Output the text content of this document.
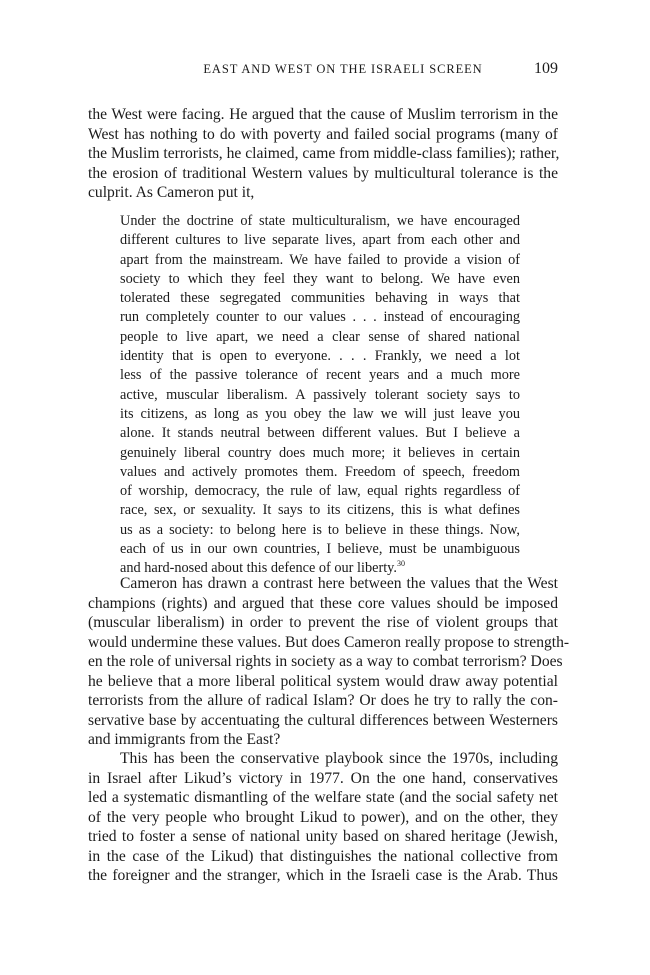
EAST AND WEST ON THE ISRAELI SCREEN	109
the West were facing. He argued that the cause of Muslim terrorism in the
West has nothing to do with poverty and failed social programs (many of
the Muslim terrorists, he claimed, came from middle-class families); rather,
the erosion of traditional Western values by multicultural tolerance is the
culprit. As Cameron put it,
Under the doctrine of state multiculturalism, we have encouraged
different cultures to live separate lives, apart from each other and
apart from the mainstream. We have failed to provide a vision of
society to which they feel they want to belong. We have even
tolerated these segregated communities behaving in ways that
run completely counter to our values . . . instead of encouraging
people to live apart, we need a clear sense of shared national
identity that is open to everyone. . . . Frankly, we need a lot
less of the passive tolerance of recent years and a much more
active, muscular liberalism. A passively tolerant society says to
its citizens, as long as you obey the law we will just leave you
alone. It stands neutral between different values. But I believe a
genuinely liberal country does much more; it believes in certain
values and actively promotes them. Freedom of speech, freedom
of worship, democracy, the rule of law, equal rights regardless of
race, sex, or sexuality. It says to its citizens, this is what defines
us as a society: to belong here is to believe in these things. Now,
each of us in our own countries, I believe, must be unambiguous
and hard-nosed about this defence of our liberty.$^{30}$
Cameron has drawn a contrast here between the values that the West
champions (rights) and argued that these core values should be imposed
(muscular liberalism) in order to prevent the rise of violent groups that
would undermine these values. But does Cameron really propose to strength-
en the role of universal rights in society as a way to combat terrorism? Does
he believe that a more liberal political system would draw away potential
terrorists from the allure of radical Islam? Or does he try to rally the con-
servative base by accentuating the cultural differences between Westerners
and immigrants from the East?
This has been the conservative playbook since the 1970s, including
in Israel after Likud’s victory in 1977. On the one hand, conservatives
led a systematic dismantling of the welfare state (and the social safety net
of the very people who brought Likud to power), and on the other, they
tried to foster a sense of national unity based on shared heritage (Jewish,
in the case of the Likud) that distinguishes the national collective from
the foreigner and the stranger, which in the Israeli case is the Arab. Thus
